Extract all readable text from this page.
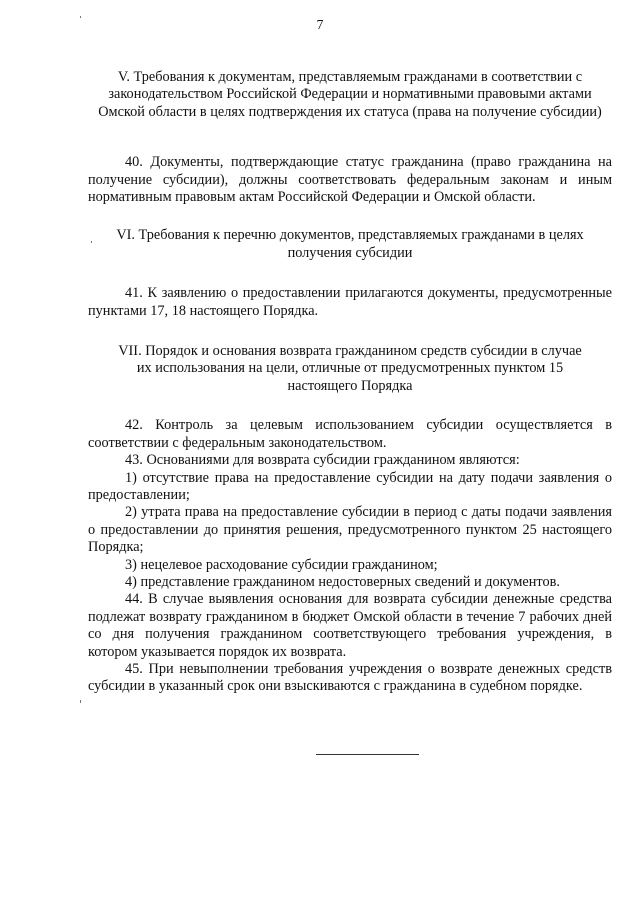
7

V. Требования к документам, представляемым гражданами в соответствии с законодательством Российской Федерации и нормативными правовыми актами Омской области в целях подтверждения их статуса (права на получение субсидии)

40. Документы, подтверждающие статус гражданина (право гражданина на получение субсидии), должны соответствовать федеральным законам и иным нормативным правовым актам Российской Федерации и Омской области.

VI. Требования к перечню документов, представляемых гражданами в целях получения субсидии

41. К заявлению о предоставлении прилагаются документы, предусмотренные пунктами 17, 18 настоящего Порядка.

VII. Порядок и основания возврата гражданином средств субсидии в случае их использования на цели, отличные от предусмотренных пунктом 15 настоящего Порядка

42. Контроль за целевым использованием субсидии осуществляется в соответствии с федеральным законодательством.

43. Основаниями для возврата субсидии гражданином являются:

1) отсутствие права на предоставление субсидии на дату подачи заявления о предоставлении;

2) утрата права на предоставление субсидии в период с даты подачи заявления о предоставлении до принятия решения, предусмотренного пунктом 25 настоящего Порядка;

3) нецелевое расходование субсидии гражданином;

4) представление гражданином недостоверных сведений и документов.

44. В случае выявления основания для возврата субсидии денежные средства подлежат возврату гражданином в бюджет Омской области в течение 7 рабочих дней со дня получения гражданином соответствующего требования учреждения, в котором указывается порядок их возврата.

45. При невыполнении требования учреждения о возврате денежных средств субсидии в указанный срок они взыскиваются с гражданина в судебном порядке.
